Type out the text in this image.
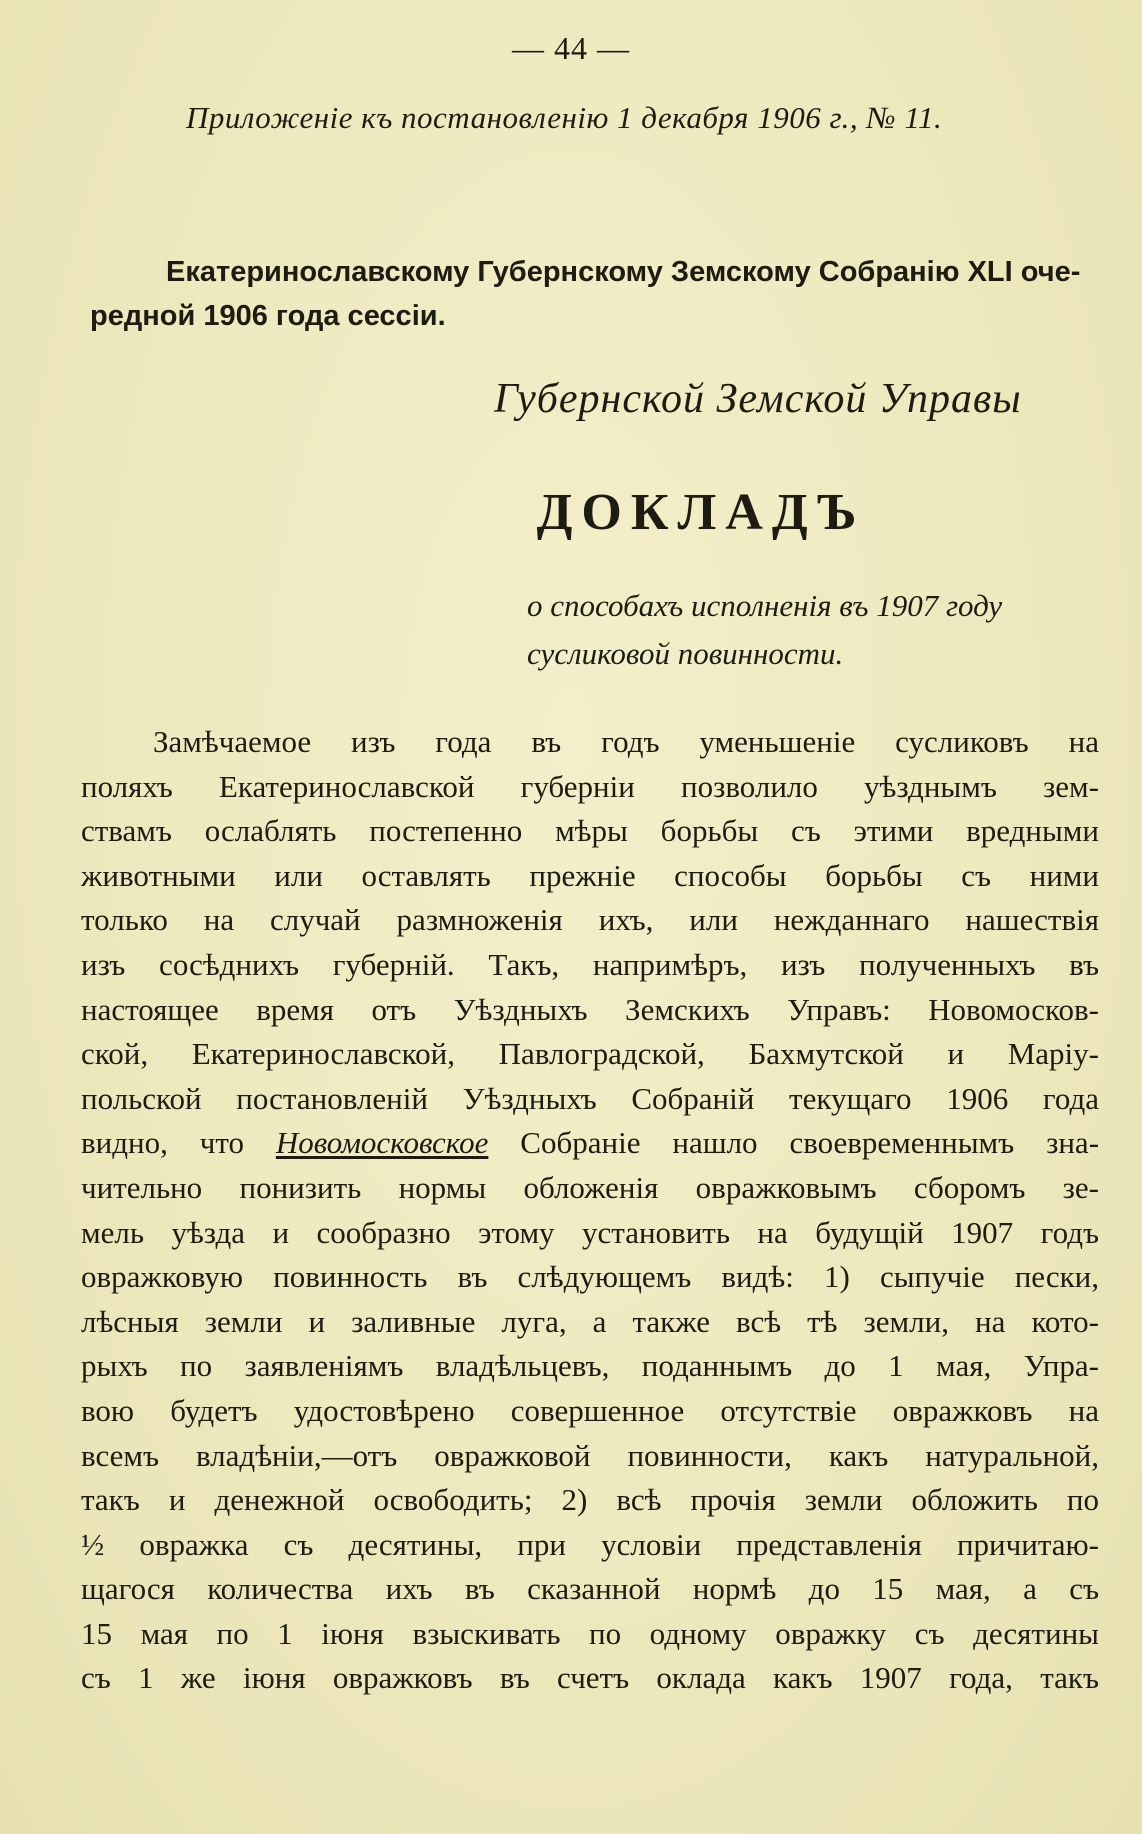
— 44 —
Приложеніе къ постановленію 1 декабря 1906 г., № 11.
Екатеринославскому Губернскому Земскому Собранію XLI оче-
редной 1906 года сессіи.
Губернской Земской Управы
ДОКЛАДЪ
о способахъ исполненія въ 1907 году
сусликовой повинности.
Замѣчаемое изъ года въ годъ уменьшеніе сусликовъ на
поляхъ Екатеринославской губерніи позволило уѣзднымъ зем-
ствамъ ослаблять постепенно мѣры борьбы съ этими вредными
животными или оставлять прежніе способы борьбы съ ними
только на случай размноженія ихъ, или нежданнаго нашествія
изъ сосѣднихъ губерній. Такъ, напримѣръ, изъ полученныхъ въ
настоящее время отъ Уѣздныхъ Земскихъ Управъ: Новомосков-
ской, Екатеринославской, Павлоградской, Бахмутской и Маріу-
польской постановленій Уѣздныхъ Собраній текущаго 1906 года
видно, что Новомосковское Собраніе нашло своевременнымъ зна-
чительно понизить нормы обложенія овражковымъ сборомъ зе-
мель уѣзда и сообразно этому установить на будущій 1907 годъ
овражковую повинность въ слѣдующемъ видѣ: 1) сыпучіе пески,
лѣсныя земли и заливные луга, а также всѣ тѣ земли, на кото-
рыхъ по заявленіямъ владѣльцевъ, поданнымъ до 1 мая, Упра-
вою будетъ удостовѣрено совершенное отсутствіе овражковъ на
всемъ владѣніи,—отъ овражковой повинности, какъ натуральной,
такъ и денежной освободить; 2) всѣ прочія земли обложить по
½ овражка съ десятины, при условіи представленія причитаю-
щагося количества ихъ въ сказанной нормѣ до 15 мая, а съ
15 мая по 1 іюня взыскивать по одному овражку съ десятины
съ 1 же іюня овражковъ въ счетъ оклада какъ 1907 года, такъ
